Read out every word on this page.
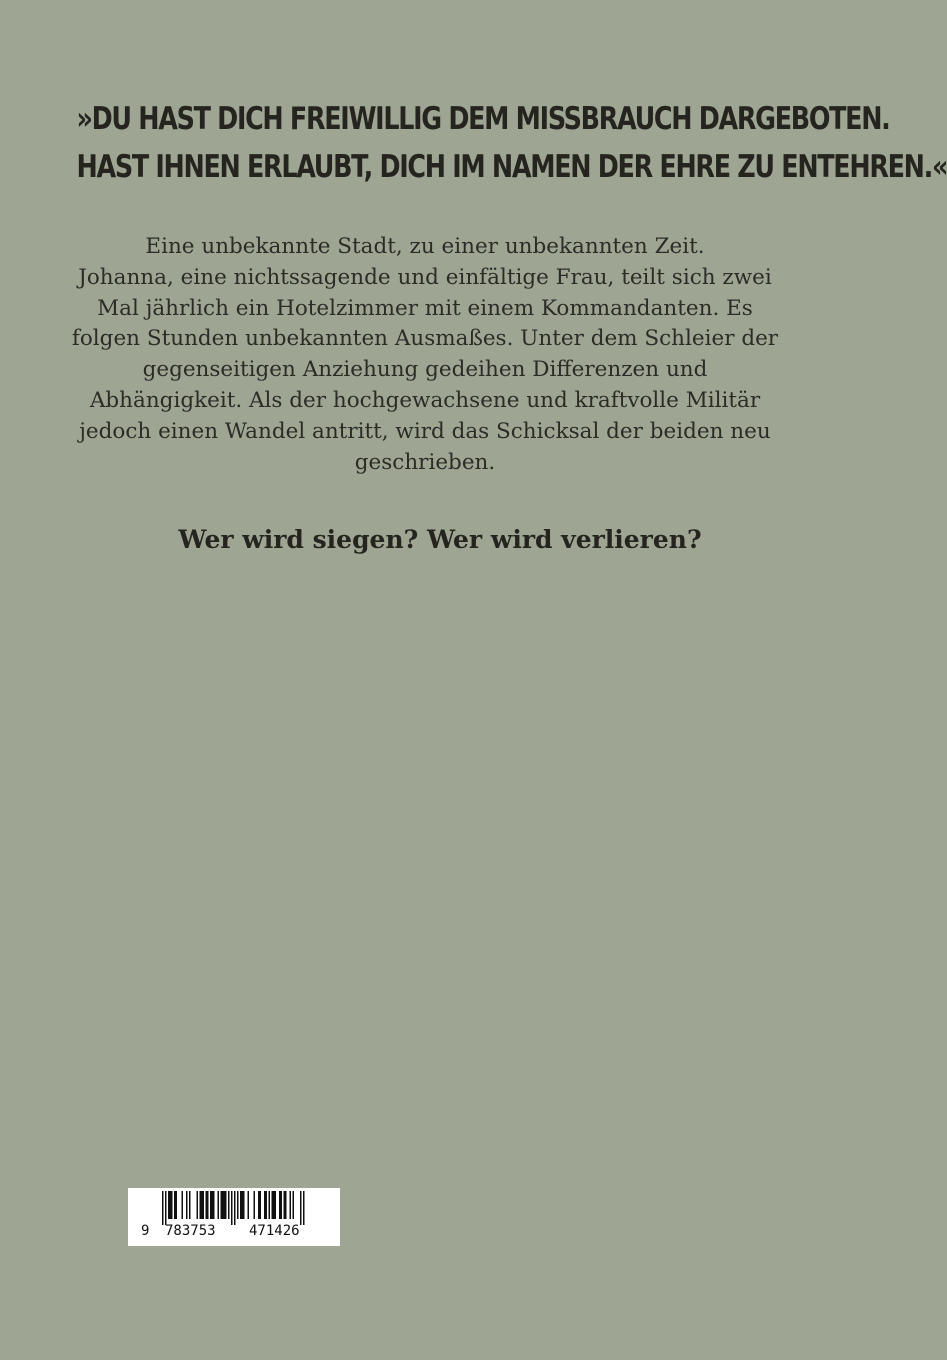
»DU HAST DICH FREIWILLIG DEM MISSBRAUCH DARGEBOTEN.
HAST IHNEN ERLAUBT, DICH IM NAMEN DER EHRE ZU ENTEHREN.«
Eine unbekannte Stadt, zu einer unbekannten Zeit.
Johanna, eine nichtssagende und einfältige Frau, teilt sich zwei
Mal jährlich ein Hotelzimmer mit einem Kommandanten. Es
folgen Stunden unbekannten Ausmaßes. Unter dem Schleier der
gegenseitigen Anziehung gedeihen Differenzen und
Abhängigkeit. Als der hochgewachsene und kraftvolle Militär
jedoch einen Wandel antritt, wird das Schicksal der beiden neu
geschrieben.
Wer wird siegen? Wer wird verlieren?
9 783753 471426
